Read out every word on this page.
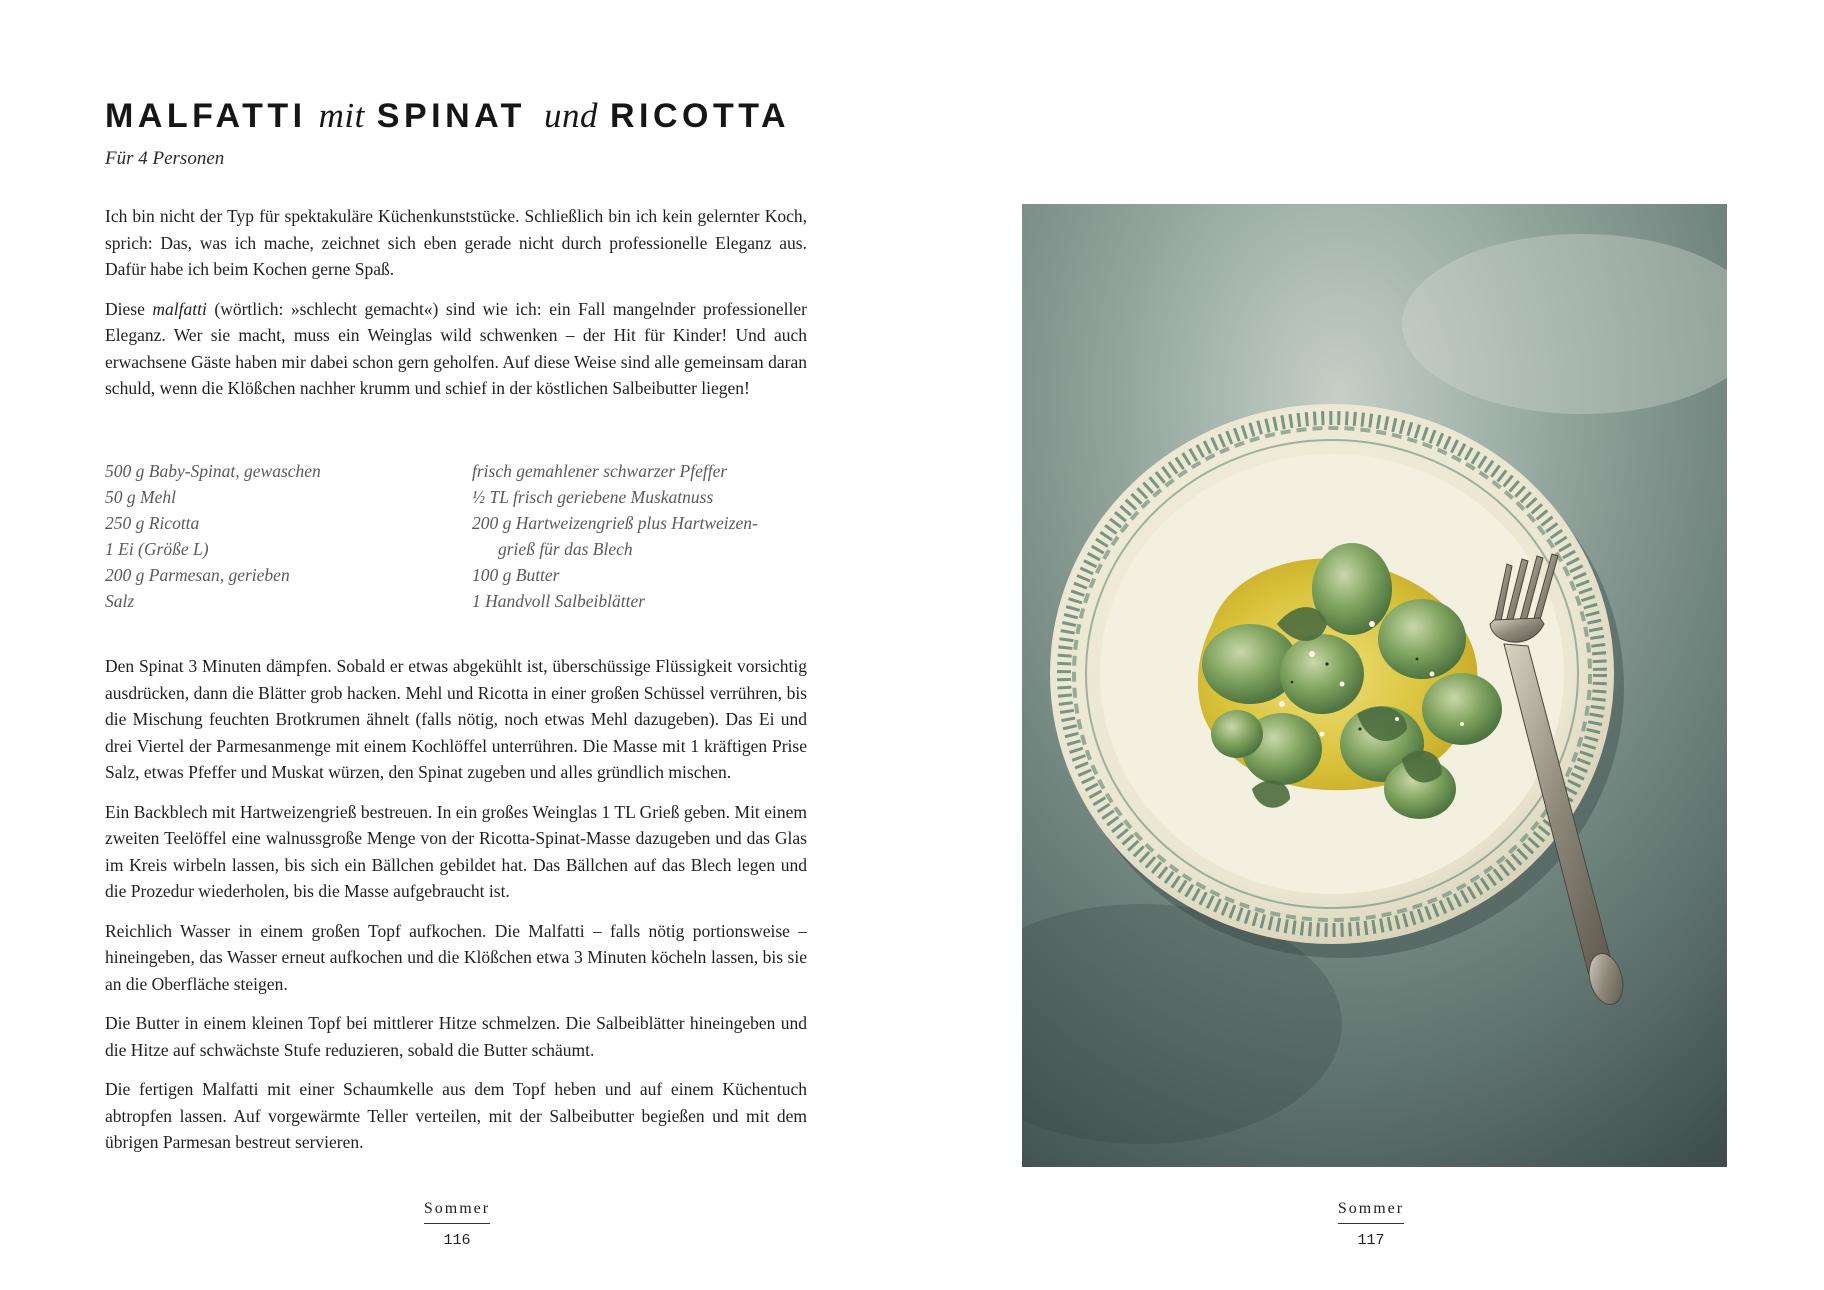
MALFATTI mit SPINAT und RICOTTA
Für 4 Personen

Ich bin nicht der Typ für spektakuläre Küchenkunststücke. Schließlich bin ich kein gelernter Koch, sprich: Das, was ich mache, zeichnet sich eben gerade nicht durch professionelle Eleganz aus. Dafür habe ich beim Kochen gerne Spaß.

Diese malfatti (wörtlich: »schlecht gemacht«) sind wie ich: ein Fall mangelnder professioneller Eleganz. Wer sie macht, muss ein Weinglas wild schwenken – der Hit für Kinder! Und auch erwachsene Gäste haben mir dabei schon gern geholfen. Auf diese Weise sind alle gemeinsam daran schuld, wenn die Klößchen nachher krumm und schief in der köstlichen Salbeibutter liegen!

500 g Baby-Spinat, gewaschen
50 g Mehl
250 g Ricotta
1 Ei (Größe L)
200 g Parmesan, gerieben
Salz
frisch gemahlener schwarzer Pfeffer
½ TL frisch geriebene Muskatnuss
200 g Hartweizengrieß plus Hartweizen-
grieß für das Blech
100 g Butter
1 Handvoll Salbeiblätter

Den Spinat 3 Minuten dämpfen. Sobald er etwas abgekühlt ist, überschüssige Flüssigkeit vorsichtig ausdrücken, dann die Blätter grob hacken. Mehl und Ricotta in einer großen Schüssel verrühren, bis die Mischung feuchten Brotkrumen ähnelt (falls nötig, noch etwas Mehl dazugeben). Das Ei und drei Viertel der Parmesanmenge mit einem Kochlöffel unterrühren. Die Masse mit 1 kräftigen Prise Salz, etwas Pfeffer und Muskat würzen, den Spinat zugeben und alles gründlich mischen.

Ein Backblech mit Hartweizengrieß bestreuen. In ein großes Weinglas 1 TL Grieß geben. Mit einem zweiten Teelöffel eine walnussgroße Menge von der Ricotta-Spinat-Masse dazugeben und das Glas im Kreis wirbeln lassen, bis sich ein Bällchen gebildet hat. Das Bällchen auf das Blech legen und die Prozedur wiederholen, bis die Masse aufgebraucht ist.

Reichlich Wasser in einem großen Topf aufkochen. Die Malfatti – falls nötig portionsweise – hineingeben, das Wasser erneut aufkochen und die Klößchen etwa 3 Minuten köcheln lassen, bis sie an die Oberfläche steigen.

Die Butter in einem kleinen Topf bei mittlerer Hitze schmelzen. Die Salbeiblätter hineingeben und die Hitze auf schwächste Stufe reduzieren, sobald die Butter schäumt.

Die fertigen Malfatti mit einer Schaumkelle aus dem Topf heben und auf einem Küchentuch abtropfen lassen. Auf vorgewärmte Teller verteilen, mit der Salbeibutter begießen und mit dem übrigen Parmesan bestreut servieren.

Sommer
116
Sommer
117
